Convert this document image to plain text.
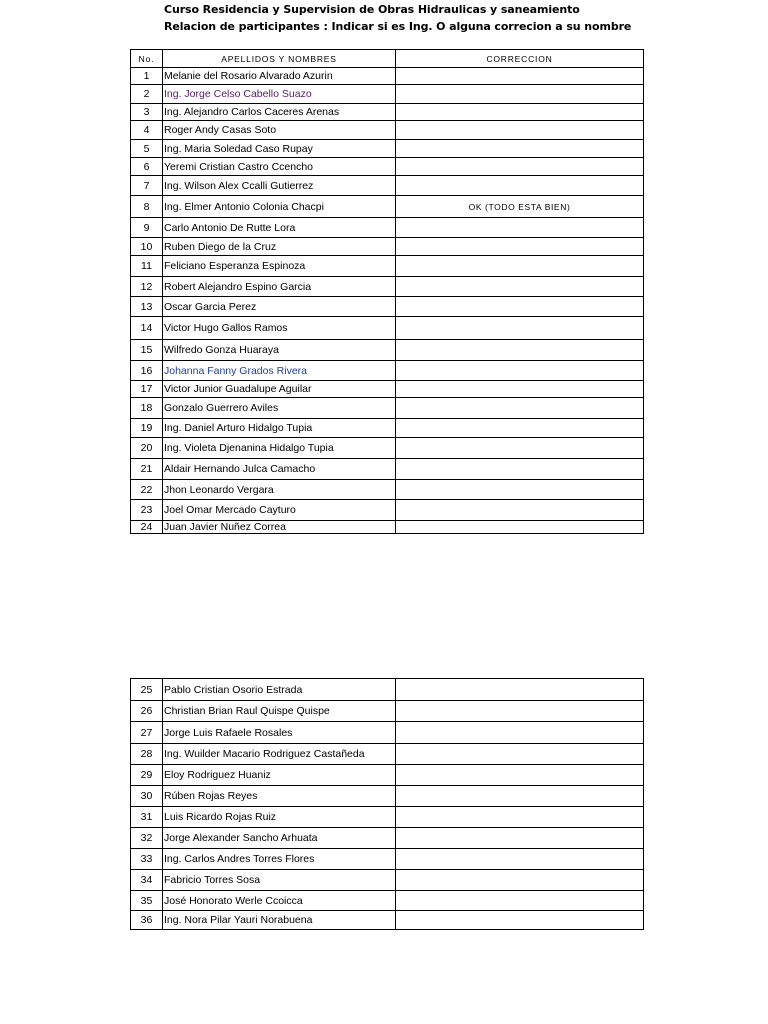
Curso Residencia y Supervision de Obras Hidraulicas y saneamiento
Relacion de participantes : Indicar si es Ing. O alguna correcion a su nombre
No.	APELLIDOS Y NOMBRES	CORRECCION
1	Melanie del Rosario Alvarado Azurin	
2	Ing. Jorge Celso Cabello Suazo	
3	Ing. Alejandro Carlos Caceres Arenas	
4	Roger Andy Casas Soto	
5	Ing. Maria Soledad Caso Rupay	
6	Yeremi Cristian Castro Ccencho	
7	Ing. Wilson Alex Ccalli Gutierrez	
8	Ing. Elmer Antonio Colonia Chacpi	OK (TODO ESTA BIEN)
9	Carlo Antonio De Rutte Lora	
10	Ruben Diego de la Cruz	
11	Feliciano Esperanza Espinoza	
12	Robert Alejandro Espino Garcia	
13	Oscar Garcia Perez	
14	Victor Hugo Gallos Ramos	
15	Wilfredo Gonza Huaraya	
16	Johanna Fanny Grados Rivera	
17	Victor Junior Guadalupe Aguilar	
18	Gonzalo Guerrero Aviles	
19	Ing. Daniel Arturo Hidalgo Tupia	
20	Ing. Violeta Djenanina Hidalgo Tupia	
21	Aldair Hernando Julca Camacho	
22	Jhon Leonardo Vergara	
23	Joel Omar Mercado Cayturo	
24	Juan Javier Nuñez Correa	
25	Pablo Cristian Osorio Estrada	
26	Christian Brian Raul Quispe Quispe	
27	Jorge Luis Rafaele Rosales	
28	Ing. Wuilder Macario Rodriguez Castañeda	
29	Eloy Rodriguez Huaniz	
30	Rúben Rojas Reyes	
31	Luis Ricardo Rojas Ruiz	
32	Jorge Alexander Sancho Arhuata	
33	Ing. Carlos Andres Torres Flores	
34	Fabricio Torres Sosa	
35	José Honorato Werle Ccoicca	
36	Ing. Nora Pilar Yauri Norabuena	
